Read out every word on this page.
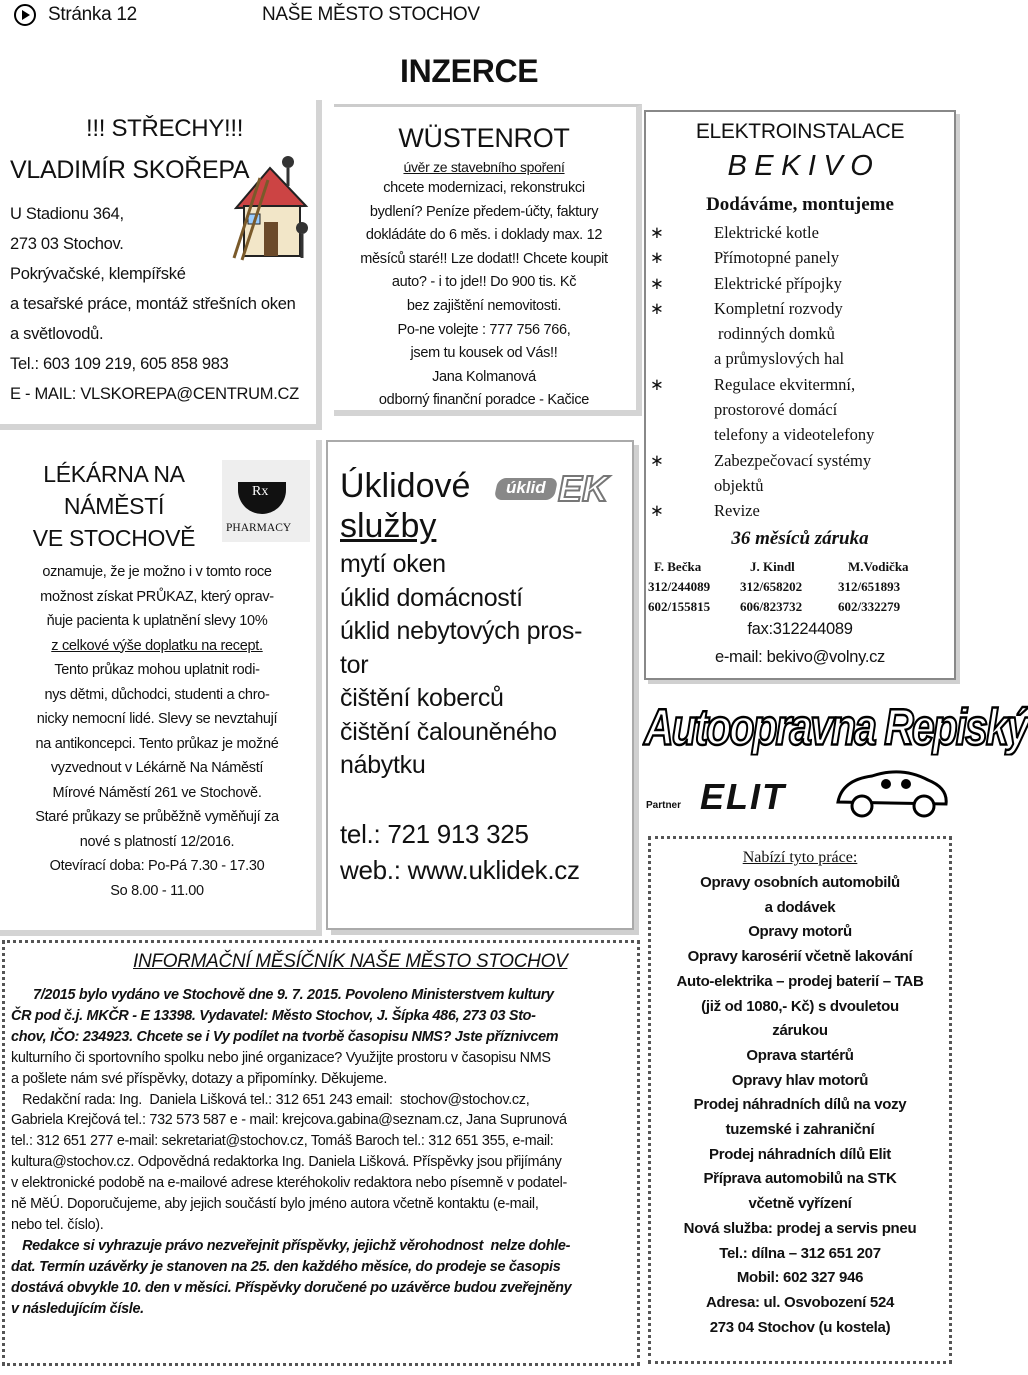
Stránka 12	NAŠE MĚSTO STOCHOV
INZERCE
!!! STŘECHY!!!
VLADIMÍR SKOŘEPA
U Stadionu 364,
273 03 Stochov.
Pokrývačské, klempířské
a tesařské práce, montáž střešních oken
a světlovodů.
Tel.: 603 109 219, 605 858 983
E - MAIL: VLSKOREPA@CENTRUM.CZ
LÉKÁRNA NA
NÁMĚSTÍ
VE STOCHOVĚ
Rx
PHARMACY
oznamuje, že je možno i v tomto roce
možnost získat PRŮKAZ, který oprav-
ňuje pacienta k uplatnění slevy 10%
z celkové výše doplatku na recept.
Tento průkaz mohou uplatnit rodi-
nys dětmi, důchodci, studenti a chro-
nicky nemocní lidé. Slevy se nevztahují
na antikoncepci. Tento průkaz je možné
vyzvednout v Lékárně Na Náměstí
Mírové Náměstí 261 ve Stochově.
Staré průkazy se průběžně vyměňují za
nové s platností 12/2016.
Otevírací doba: Po-Pá 7.30 - 17.30
So 8.00 - 11.00
WÜSTENROT
úvěr ze stavebního spoření
chcete modernizaci, rekonstrukci
bydlení? Peníze předem-účty, faktury
dokládáte do 6 měs. i doklady max. 12
měsíců staré!! Lze dodat!! Chcete koupit
auto? - i to jde!! Do 900 tis. Kč
bez zajištění nemovitosti.
Po-ne volejte : 777 756 766,
jsem tu kousek od Vás!!
Jana Kolmanová
odborný finanční poradce - Kačice
Úklidové
služby
úklid EK
mytí oken
úklid domácností
úklid nebytových pros-
tor
čištění koberců
čištění čalouněného
nábytku
tel.: 721 913 325
web.: www.uklidek.cz
ELEKTROINSTALACE
B E K I V O
Dodáváme, montujeme
∗	Elektrické kotle
∗	Přímotopné panely
∗	Elektrické přípojky
∗	Kompletní rozvody
rodinných domků
a průmyslových hal
∗	Regulace ekvitermní,
prostorové domácí
telefony a videotelefony
∗	Zabezpečovací systémy
objektů
∗	Revize
36 měsíců záruka
F. Bečka	J. Kindl	M.Vodička
312/244089	312/658202	312/651893
602/155815	606/823732	602/332279
fax:312244089
e-mail: bekivo@volny.cz
Autoopravna Repiský
Partner ELIT
Nabízí tyto práce:
Opravy osobních automobilů
a dodávek
Opravy motorů
Opravy karosérií včetně lakování
Auto-elektrika – prodej baterií – TAB
(již od 1080,- Kč) s dvouletou
zárukou
Oprava startérů
Opravy hlav motorů
Prodej náhradních dílů na vozy
tuzemské i zahraniční
Prodej náhradních dílů Elit
Příprava automobilů na STK
včetně vyřízení
Nová služba: prodej a servis pneu
Tel.: dílna – 312 651 207
Mobil: 602 327 946
Adresa: ul. Osvobození 524
273 04 Stochov (u kostela)
INFORMAČNÍ MĚSÍČNÍK NAŠE MĚSTO STOCHOV
7/2015 bylo vydáno ve Stochově dne 9. 7. 2015. Povoleno Ministerstvem kultury
ČR pod č.j. MKČR - E 13398. Vydavatel: Město Stochov, J. Šípka 486, 273 03 Sto-
chov, IČO: 234923. Chcete se i Vy podílet na tvorbě časopisu NMS? Jste příznivcem
kulturního či sportovního spolku nebo jiné organizace? Využijte prostoru v časopisu NMS
a pošlete nám své příspěvky, dotazy a připomínky. Děkujeme.
Redakční rada: Ing.  Daniela Lišková tel.: 312 651 243 email:  stochov@stochov.cz,
Gabriela Krejčová tel.: 732 573 587 e - mail: krejcova.gabina@seznam.cz, Jana Suprunová
tel.: 312 651 277 e-mail: sekretariat@stochov.cz, Tomáš Baroch tel.: 312 651 355, e-mail:
kultura@stochov.cz. Odpovědná redaktorka Ing. Daniela Lišková. Příspěvky jsou přijímány
v elektronické podobě na e-mailové adrese kteréhokoliv redaktora nebo písemně v podatel-
ně MěÚ. Doporučujeme, aby jejich součástí bylo jméno autora včetně kontaktu (e-mail,
nebo tel. číslo).
Redakce si vyhrazuje právo nezveřejnit příspěvky, jejichž věrohodnost  nelze dohle-
dat. Termín uzávěrky je stanoven na 25. den každého měsíce, do prodeje se časopis
dostává obvykle 10. den v měsíci. Příspěvky doručené po uzávěrce budou zveřejněny
v následujícím čísle.
